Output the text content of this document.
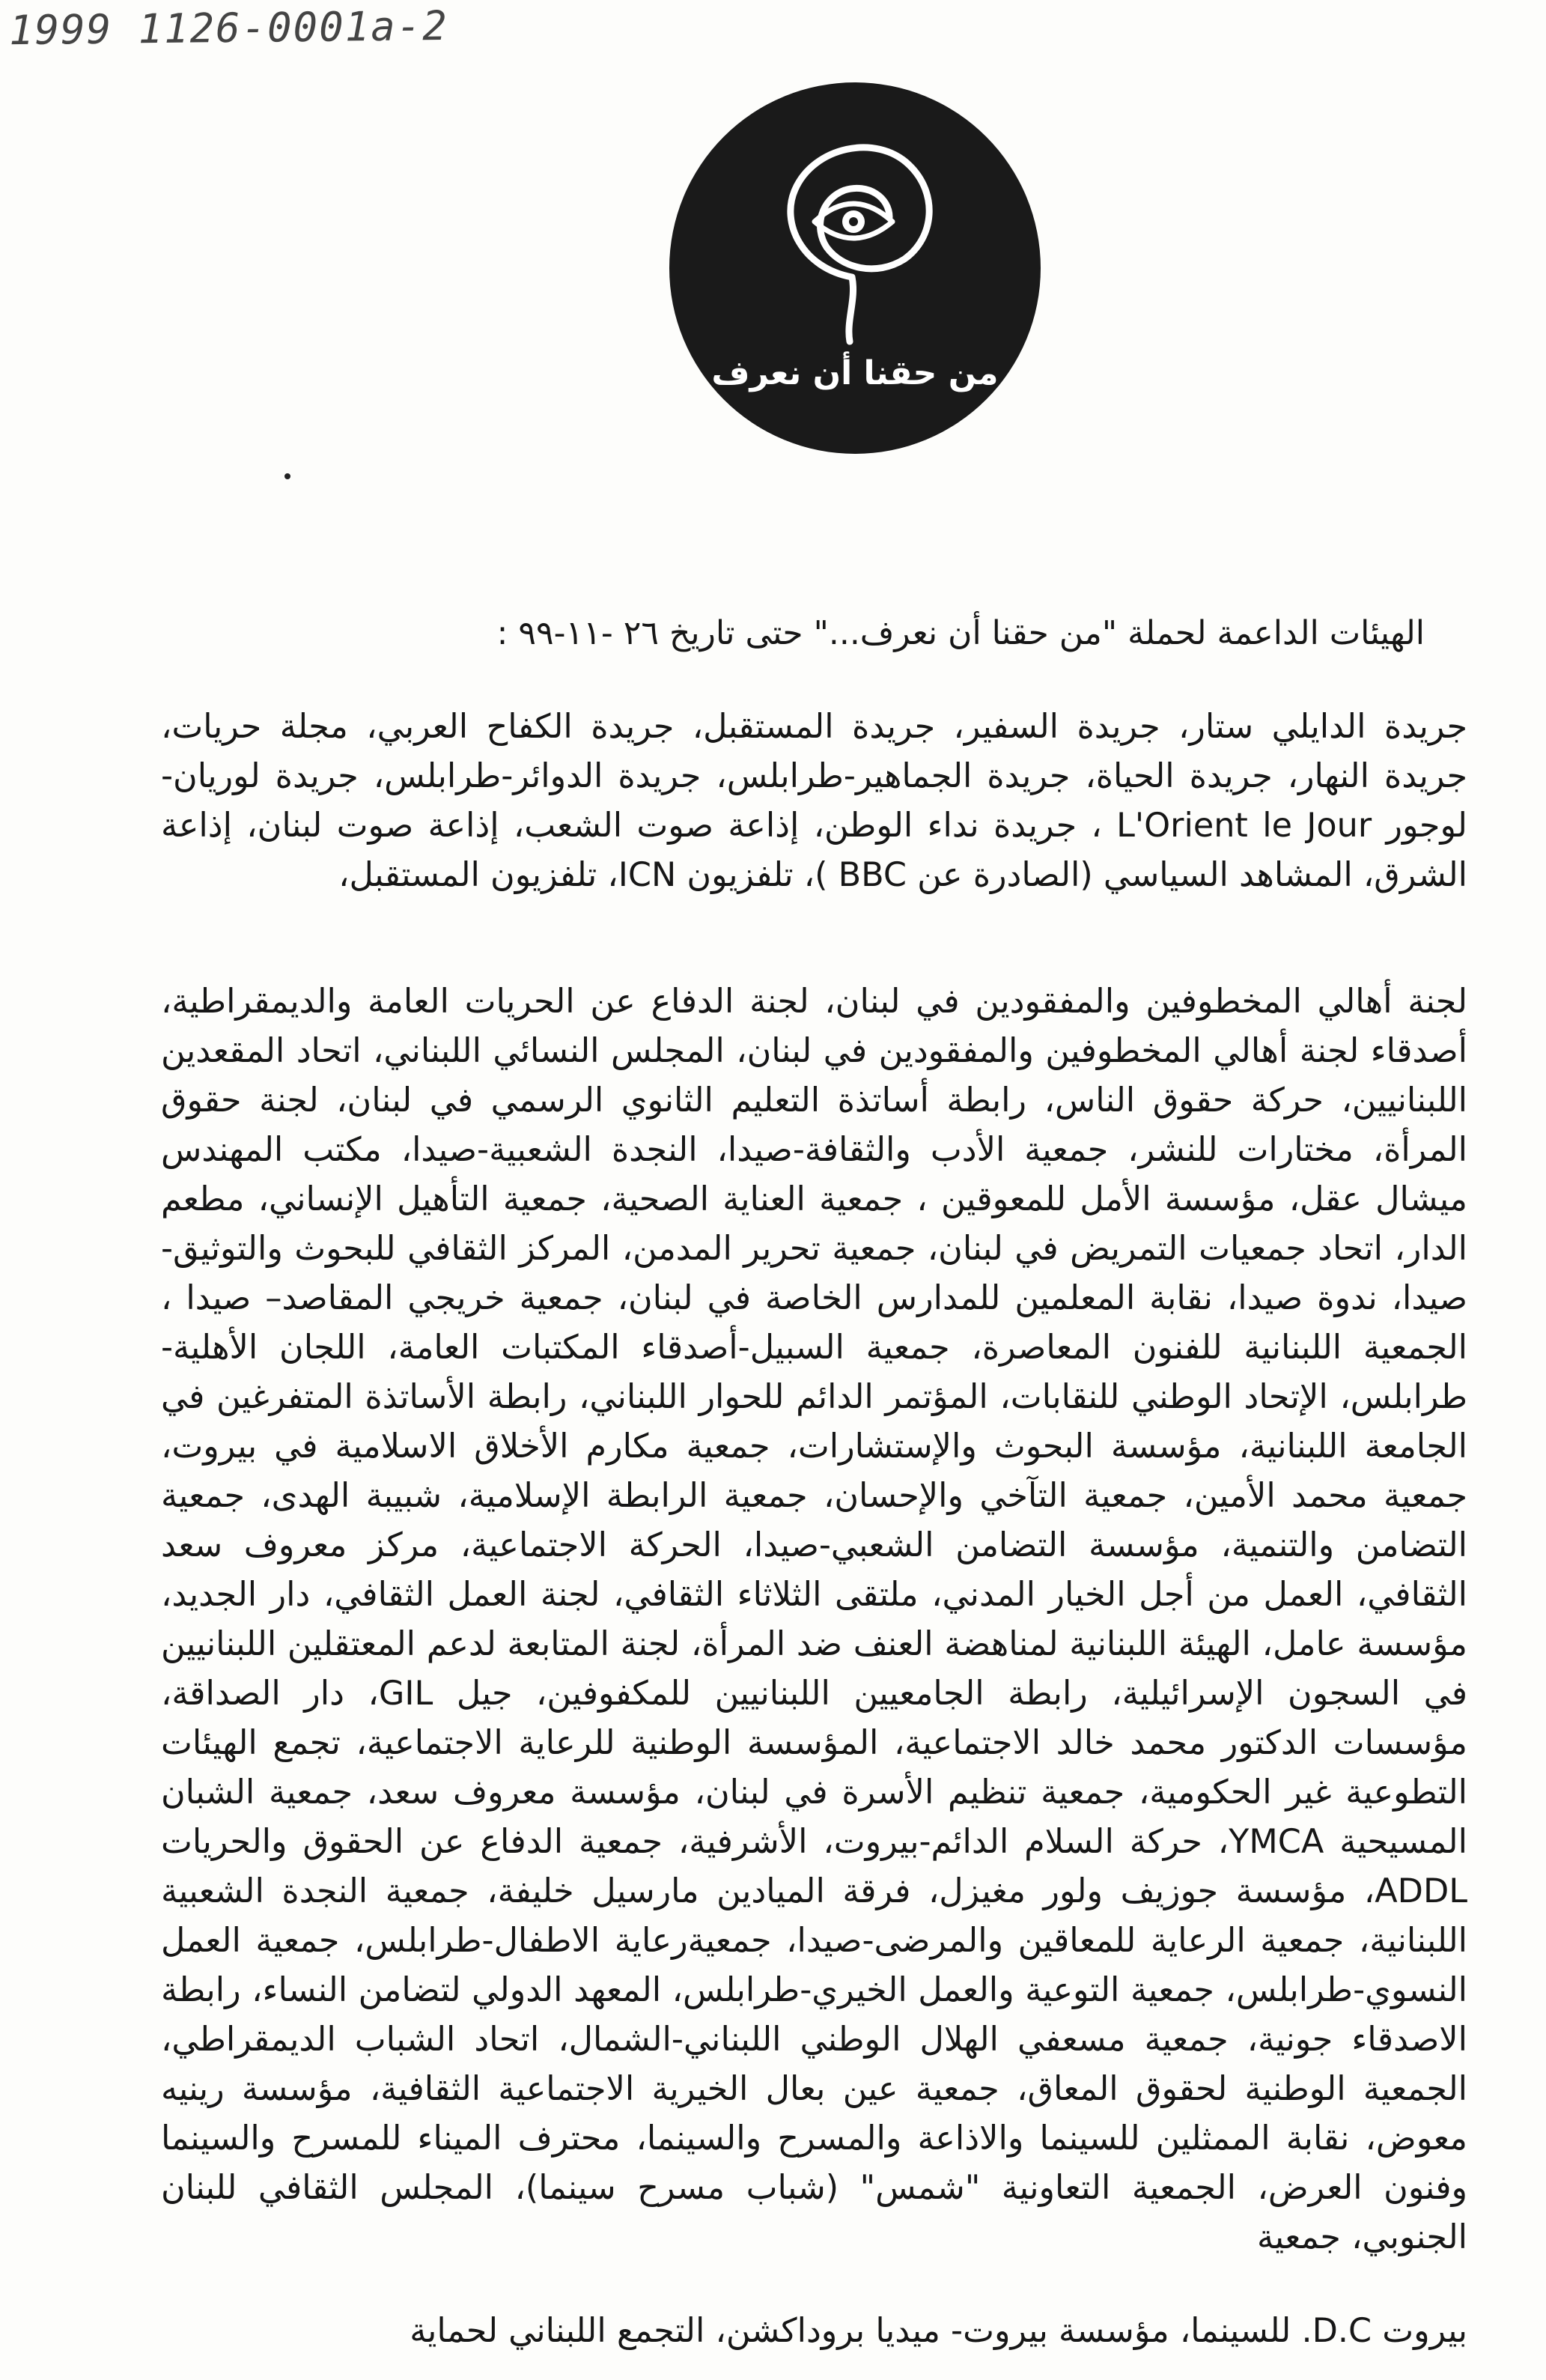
1999 1126-0001a-2
من حقنا أن نعرف
الهيئات الداعمة لحملة "من حقنا أن نعرف..." حتى تاريخ ٢٦ -١١-٩٩ :

جريدة الدايلي ستار، جريدة السفير، جريدة المستقبل، جريدة الكفاح العربي، مجلة حريات، جريدة النهار، جريدة الحياة، جريدة الجماهير-طرابلس، جريدة الدوائر-طرابلس، جريدة لوريان- لوجور L'Orient le Jour ، جريدة نداء الوطن، إذاعة صوت الشعب، إذاعة صوت لبنان، إذاعة الشرق، المشاهد السياسي (الصادرة عن BBC )، تلفزيون ICN، تلفزيون المستقبل،

لجنة أهالي المخطوفين والمفقودين في لبنان، لجنة الدفاع عن الحريات العامة والديمقراطية، أصدقاء لجنة أهالي المخطوفين والمفقودين في لبنان، المجلس النسائي اللبناني، اتحاد المقعدين اللبنانيين، حركة حقوق الناس، رابطة أساتذة التعليم الثانوي الرسمي في لبنان، لجنة حقوق المرأة، مختارات للنشر، جمعية الأدب والثقافة-صيدا، النجدة الشعبية-صيدا، مكتب المهندس ميشال عقل، مؤسسة الأمل للمعوقين ، جمعية العناية الصحية، جمعية التأهيل الإنساني، مطعم الدار، اتحاد جمعيات التمريض في لبنان، جمعية تحرير المدمن، المركز الثقافي للبحوث والتوثيق-صيدا، ندوة صيدا، نقابة المعلمين للمدارس الخاصة في لبنان، جمعية خريجي المقاصد– صيدا ، الجمعية اللبنانية للفنون المعاصرة، جمعية السبيل-أصدقاء المكتبات العامة، اللجان الأهلية-طرابلس، الإتحاد الوطني للنقابات، المؤتمر الدائم للحوار اللبناني، رابطة الأساتذة المتفرغين في الجامعة اللبنانية، مؤسسة البحوث والإستشارات، جمعية مكارم الأخلاق الاسلامية في بيروت، جمعية محمد الأمين، جمعية التآخي والإحسان، جمعية الرابطة الإسلامية، شبيبة الهدى، جمعية التضامن والتنمية، مؤسسة التضامن الشعبي-صيدا، الحركة الاجتماعية، مركز معروف سعد الثقافي، العمل من أجل الخيار المدني، ملتقى الثلاثاء الثقافي، لجنة العمل الثقافي، دار الجديد، مؤسسة عامل، الهيئة اللبنانية لمناهضة العنف ضد المرأة، لجنة المتابعة لدعم المعتقلين اللبنانيين في السجون الإسرائيلية، رابطة الجامعيين اللبنانيين للمكفوفين، جيل GIL، دار الصداقة، مؤسسات الدكتور محمد خالد الاجتماعية، المؤسسة الوطنية للرعاية الاجتماعية، تجمع الهيئات التطوعية غير الحكومية، جمعية تنظيم الأسرة في لبنان، مؤسسة معروف سعد، جمعية الشبان المسيحية YMCA، حركة السلام الدائم-بيروت، الأشرفية، جمعية الدفاع عن الحقوق والحريات ADDL، مؤسسة جوزيف ولور مغيزل، فرقة الميادين مارسيل خليفة، جمعية النجدة الشعبية اللبنانية، جمعية الرعاية للمعاقين والمرضى-صيدا، جمعيةرعاية الاطفال-طرابلس، جمعية العمل النسوي-طرابلس، جمعية التوعية والعمل الخيري-طرابلس، المعهد الدولي لتضامن النساء، رابطة الاصدقاء جونية، جمعية مسعفي الهلال الوطني اللبناني-الشمال، اتحاد الشباب الديمقراطي، الجمعية الوطنية لحقوق المعاق، جمعية عين بعال الخيرية الاجتماعية الثقافية، مؤسسة رينيه معوض، نقابة الممثلين للسينما والاذاعة والمسرح والسينما، محترف الميناء للمسرح والسينما وفنون العرض، الجمعية التعاونية "شمس" (شباب مسرح سينما)، المجلس الثقافي للبنان الجنوبي، جمعية

بيروت D.C. للسينما، مؤسسة بيروت- ميديا بروداكشن، التجمع اللبناني لحماية
